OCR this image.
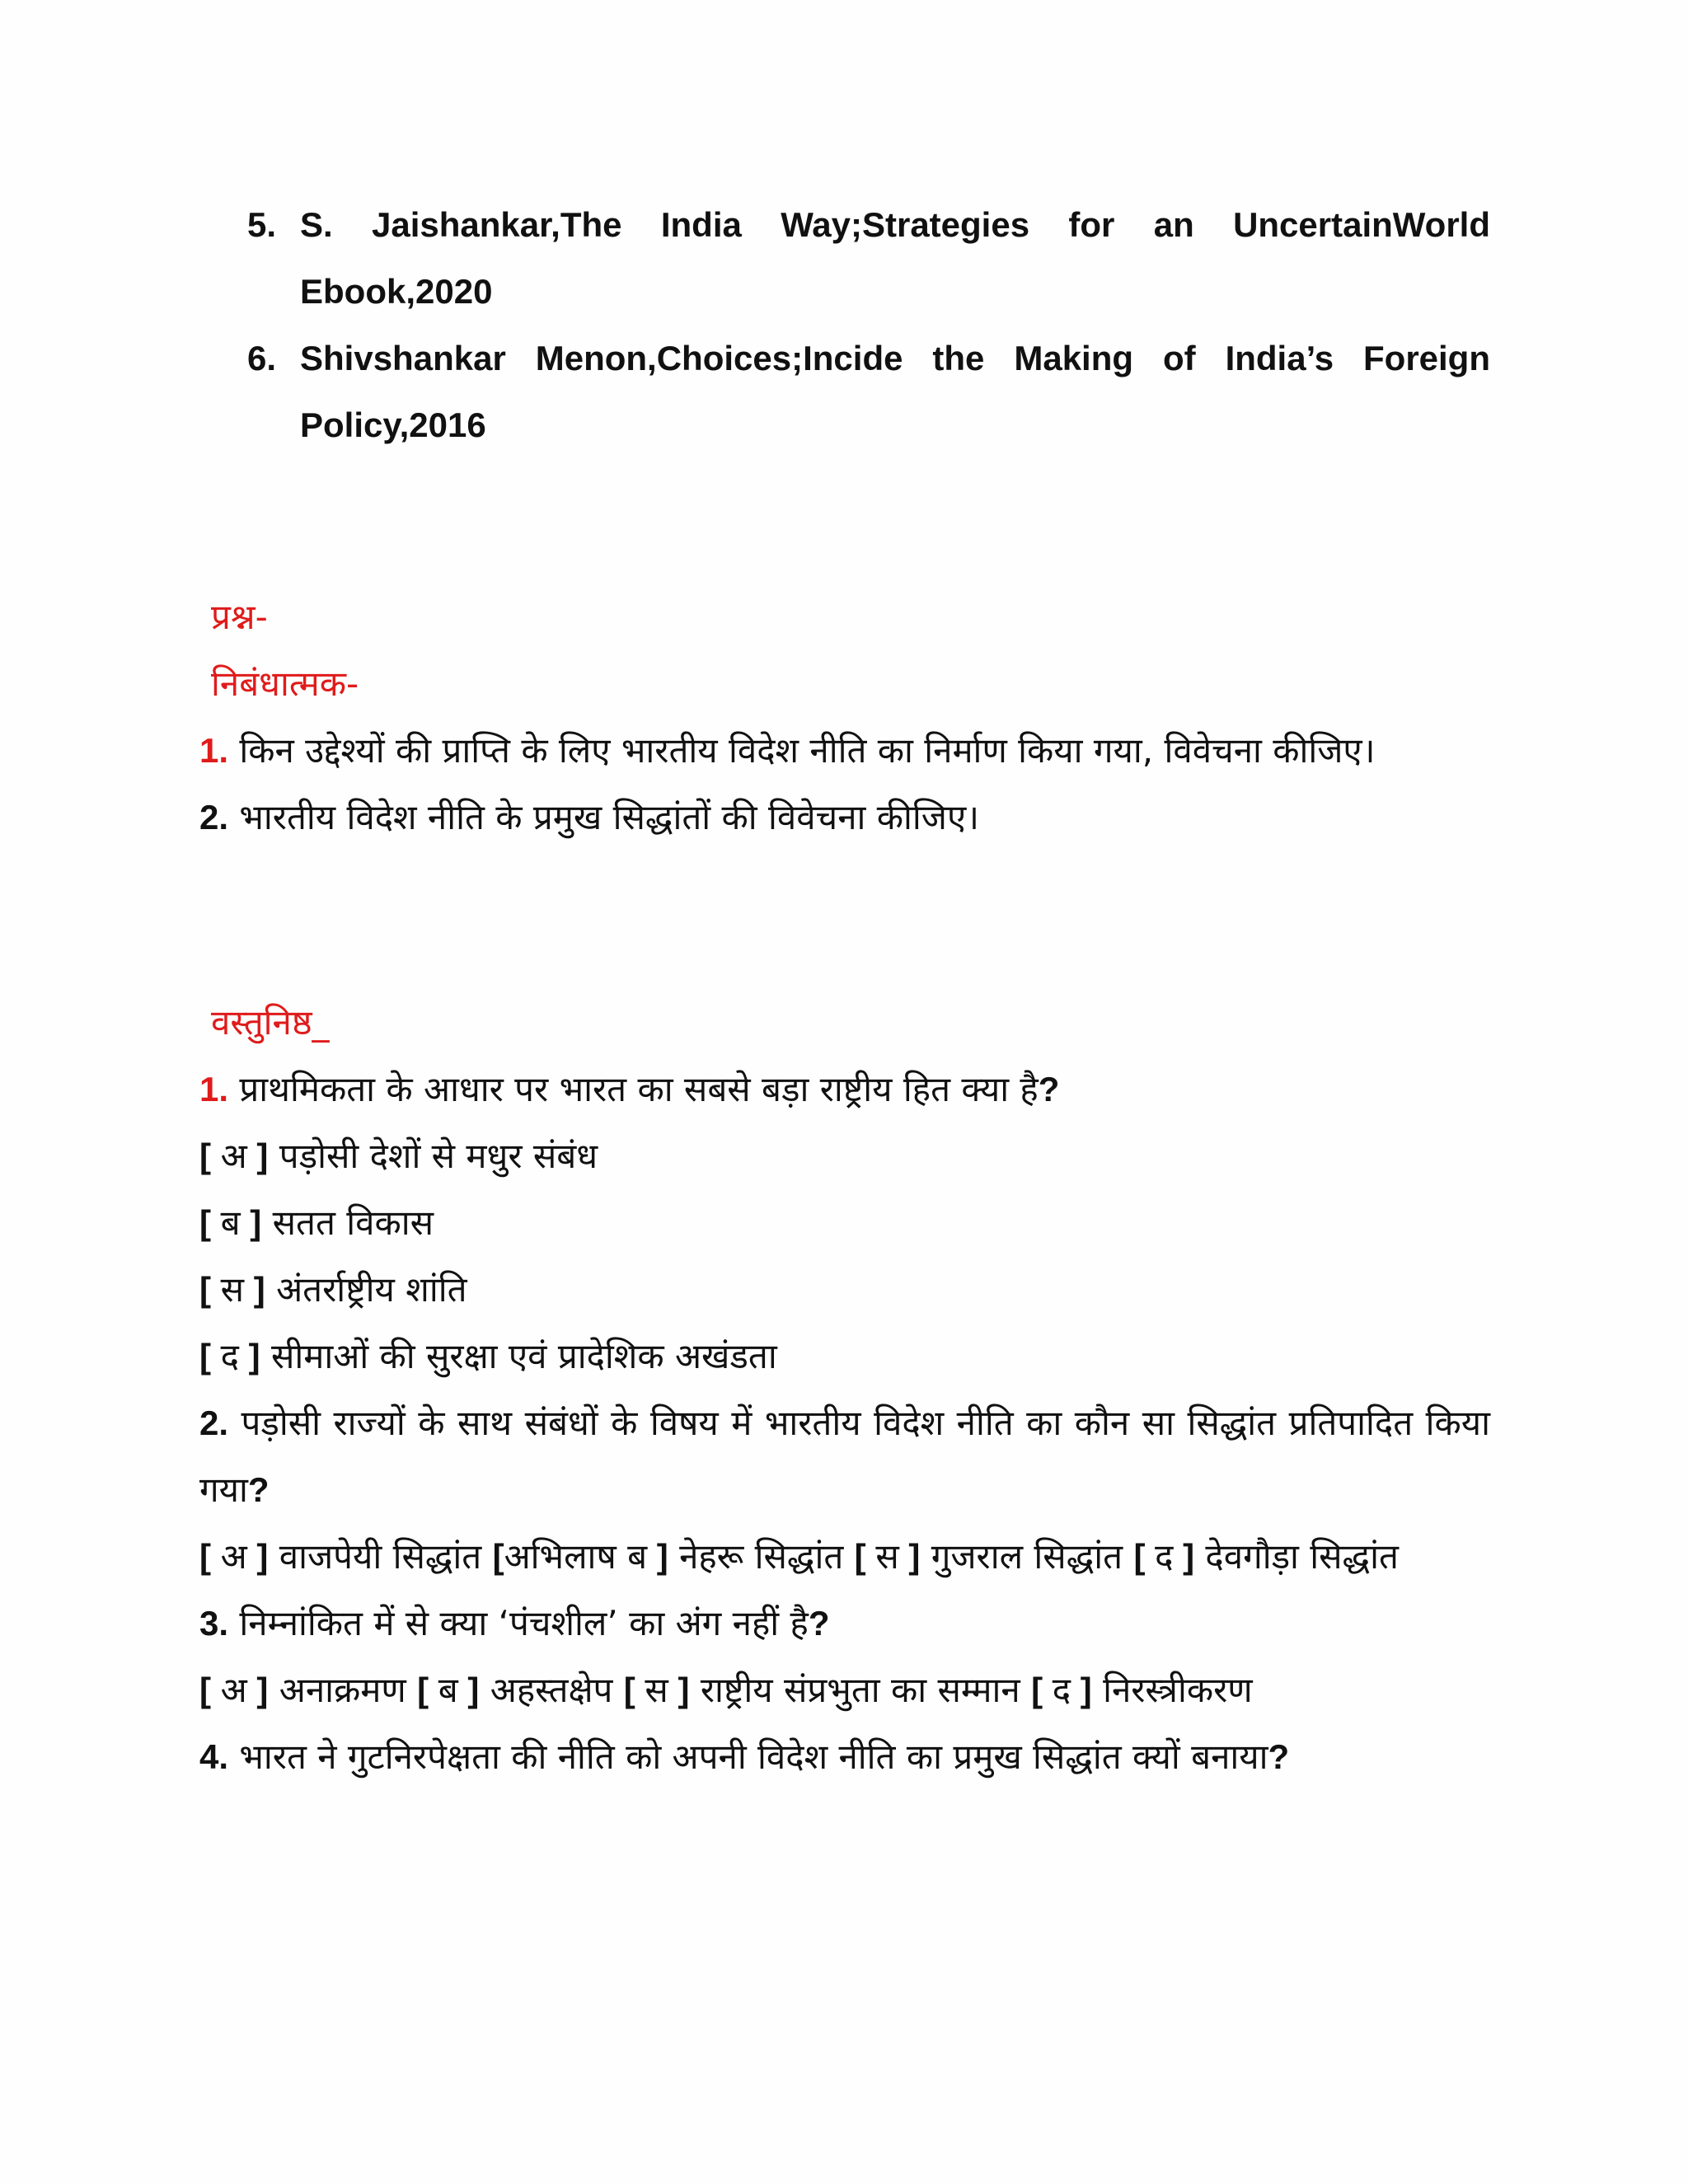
5. S. Jaishankar,The India Way;Strategies for an UncertainWorld Ebook,2020
6. Shivshankar Menon,Choices;Incide the Making of India’s Foreign Policy,2016
प्रश्न-
निबंधात्मक-
1. किन उद्देश्यों की प्राप्ति के लिए भारतीय विदेश नीति का निर्माण किया गया, विवेचना कीजिए।
2. भारतीय विदेश नीति के प्रमुख सिद्धांतों की विवेचना कीजिए।
वस्तुनिष्ठ_
1. प्राथमिकता के आधार पर भारत का सबसे बड़ा राष्ट्रीय हित क्या है?
[ अ ] पड़ोसी देशों से मधुर संबंध
[ ब ] सतत विकास
[ स ] अंतर्राष्ट्रीय शांति
[ द ] सीमाओं की सुरक्षा एवं प्रादेशिक अखंडता
2. पड़ोसी राज्यों के साथ संबंधों के विषय में भारतीय विदेश नीति का कौन सा सिद्धांत प्रतिपादित किया गया?
[ अ ] वाजपेयी सिद्धांत [अभिलाष ब ] नेहरू सिद्धांत [ स ] गुजराल सिद्धांत [ द ] देवगौड़ा सिद्धांत
3. निम्नांकित में से क्या ‘पंचशील’ का अंग नहीं है?
[ अ ] अनाक्रमण [ ब ] अहस्तक्षेप [ स ] राष्ट्रीय संप्रभुता का सम्मान [ द ] निरस्त्रीकरण
4. भारत ने गुटनिरपेक्षता की नीति को अपनी विदेश नीति का प्रमुख सिद्धांत क्यों बनाया?
